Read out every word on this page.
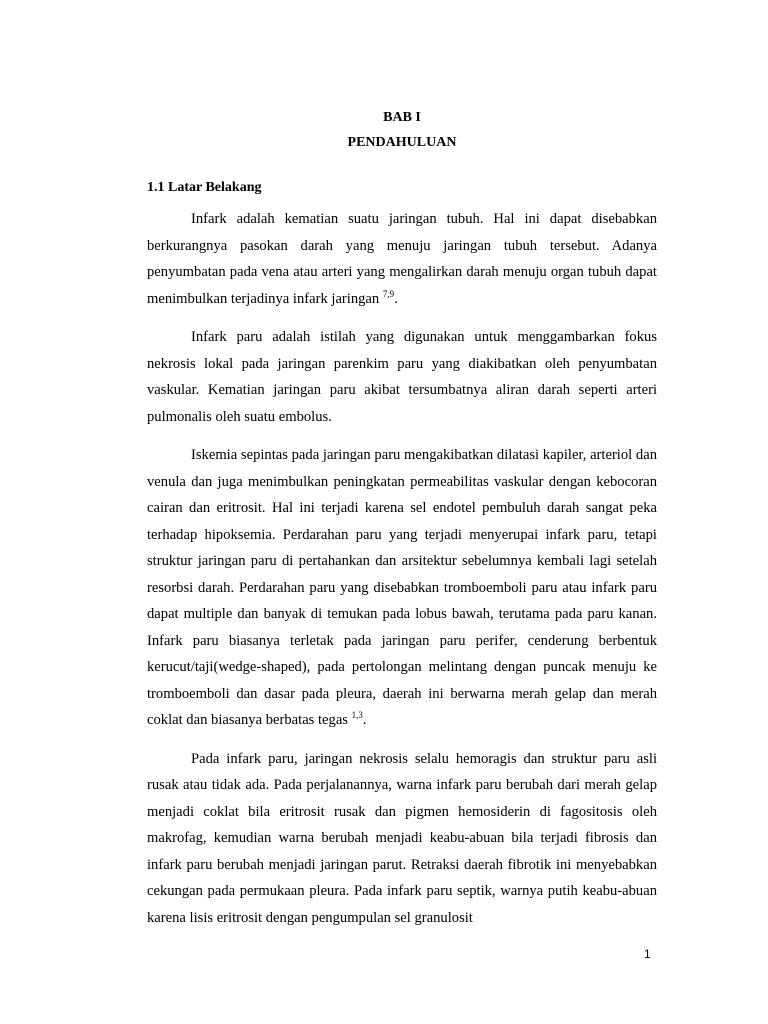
BAB I
PENDAHULUAN
1.1 Latar Belakang

Infark adalah kematian suatu jaringan tubuh. Hal ini dapat disebabkan berkurangnya pasokan darah yang menuju jaringan tubuh tersebut. Adanya penyumbatan pada vena atau arteri yang mengalirkan darah menuju organ tubuh dapat menimbulkan terjadinya infark jaringan $^{7,9}$.

Infark paru adalah istilah yang digunakan untuk menggambarkan fokus nekrosis lokal pada jaringan parenkim paru yang diakibatkan oleh penyumbatan vaskular. Kematian jaringan paru akibat tersumbatnya aliran darah seperti arteri pulmonalis oleh suatu embolus.

Iskemia sepintas pada jaringan paru mengakibatkan dilatasi kapiler, arteriol dan venula dan juga menimbulkan peningkatan permeabilitas vaskular dengan kebocoran cairan dan eritrosit. Hal ini terjadi karena sel endotel pembuluh darah sangat peka terhadap hipoksemia. Perdarahan paru yang terjadi menyerupai infark paru, tetapi struktur jaringan paru di pertahankan dan arsitektur sebelumnya kembali lagi setelah resorbsi darah. Perdarahan paru yang disebabkan tromboemboli paru atau infark paru dapat multiple dan banyak di temukan pada lobus bawah, terutama pada paru kanan. Infark paru biasanya terletak pada jaringan paru perifer, cenderung berbentuk kerucut/taji(wedge-shaped), pada pertolongan melintang dengan puncak menuju ke tromboemboli dan dasar pada pleura, daerah ini berwarna merah gelap dan merah coklat dan biasanya berbatas tegas $^{1,3}$.

Pada infark paru, jaringan nekrosis selalu hemoragis dan struktur paru asli rusak atau tidak ada. Pada perjalanannya, warna infark paru berubah dari merah gelap menjadi coklat bila eritrosit rusak dan pigmen hemosiderin di fagositosis oleh makrofag, kemudian warna berubah menjadi keabu-abuan bila terjadi fibrosis dan infark paru berubah menjadi jaringan parut. Retraksi daerah fibrotik ini menyebabkan cekungan pada permukaan pleura. Pada infark paru septik, warnya putih keabu-abuan karena lisis eritrosit dengan pengumpulan sel granulosit

1
